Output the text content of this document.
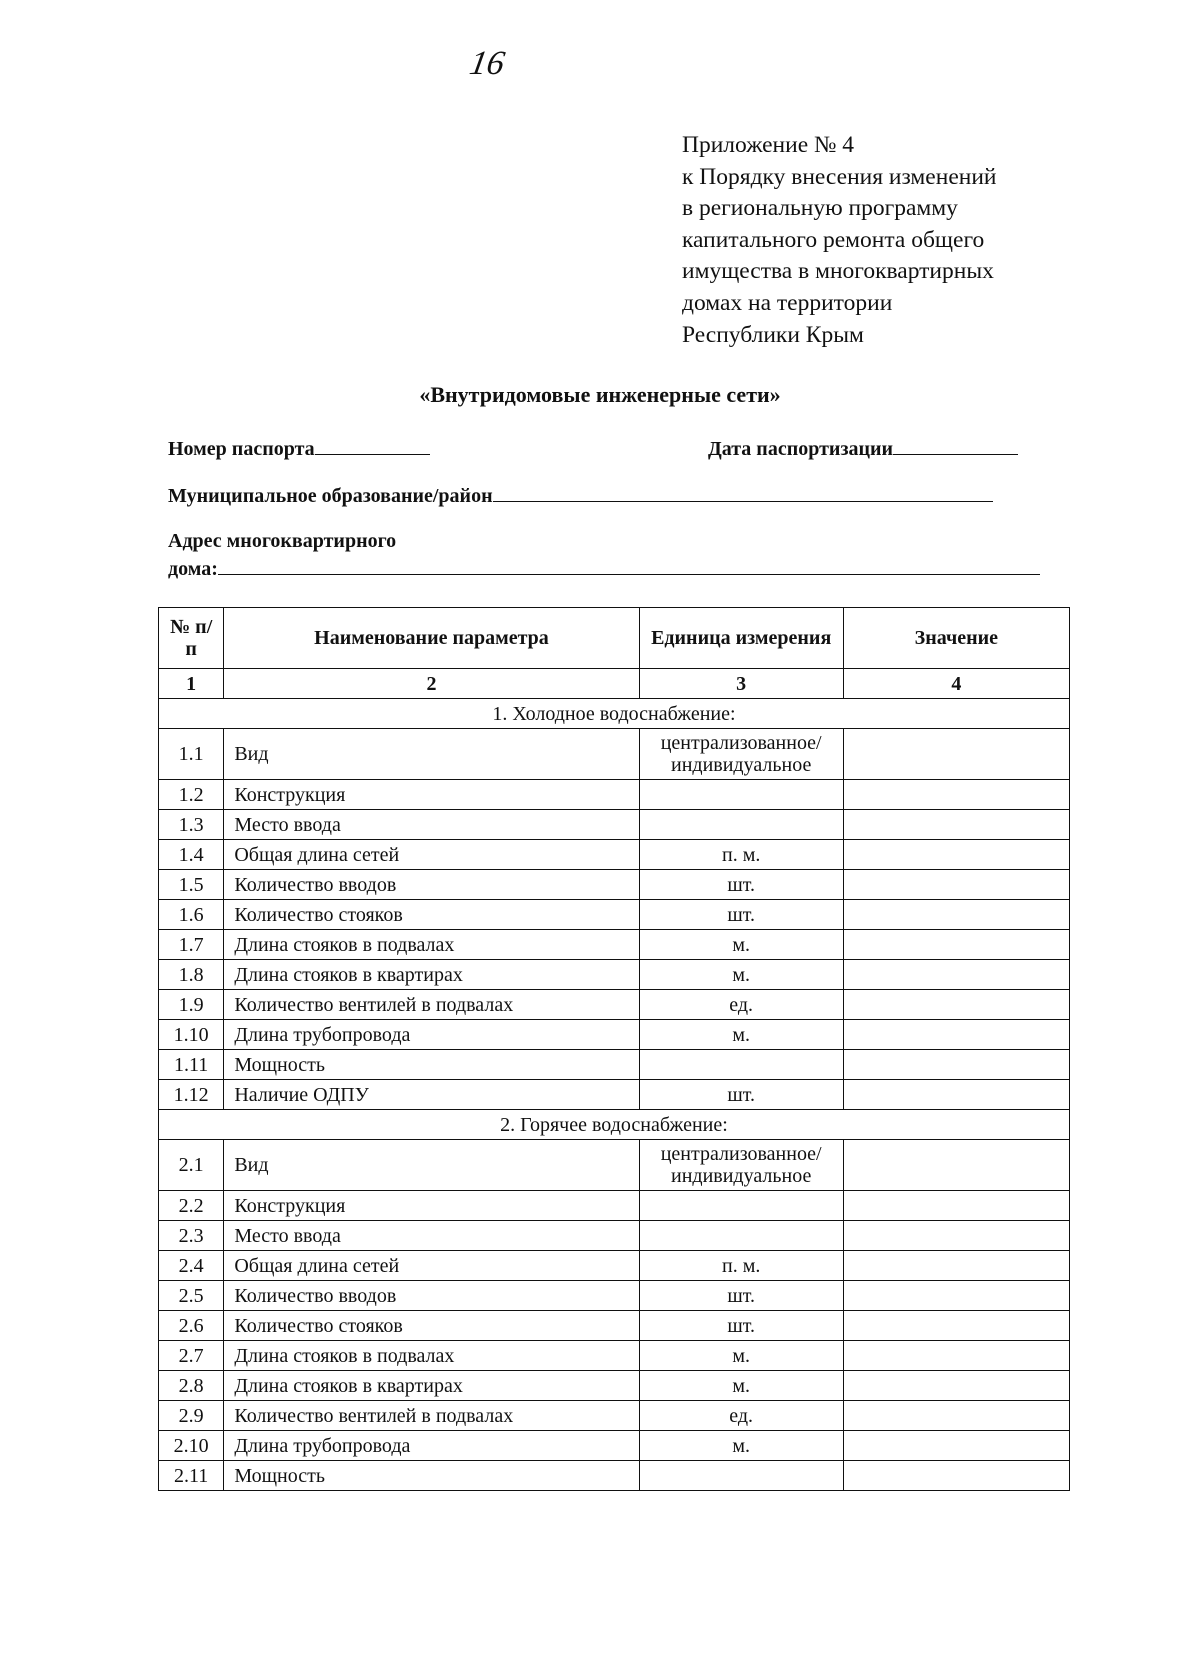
16
Приложение № 4
к Порядку внесения изменений
в региональную программу
капитального ремонта общего
имущества в многоквартирных
домах на территории
Республики Крым
«Внутридомовые инженерные сети»
Номер паспорта	Дата паспортизации
Муниципальное образование/район
Адрес многоквартирного
дома:
№ п/п	Наименование параметра	Единица измерения	Значение
1	2	3	4
1. Холодное водоснабжение:			
1.1	Вид	централизованное/ индивидуальное	
1.2	Конструкция		
1.3	Место ввода		
1.4	Общая длина сетей	п. м.	
1.5	Количество вводов	шт.	
1.6	Количество стояков	шт.	
1.7	Длина стояков в подвалах	м.	
1.8	Длина стояков в квартирах	м.	
1.9	Количество вентилей в подвалах	ед.	
1.10	Длина трубопровода	м.	
1.11	Мощность		
1.12	Наличие ОДПУ	шт.	
2. Горячее водоснабжение:			
2.1	Вид	централизованное/ индивидуальное	
2.2	Конструкция		
2.3	Место ввода		
2.4	Общая длина сетей	п. м.	
2.5	Количество вводов	шт.	
2.6	Количество стояков	шт.	
2.7	Длина стояков в подвалах	м.	
2.8	Длина стояков в квартирах	м.	
2.9	Количество вентилей в подвалах	ед.	
2.10	Длина трубопровода	м.	
2.11	Мощность		
